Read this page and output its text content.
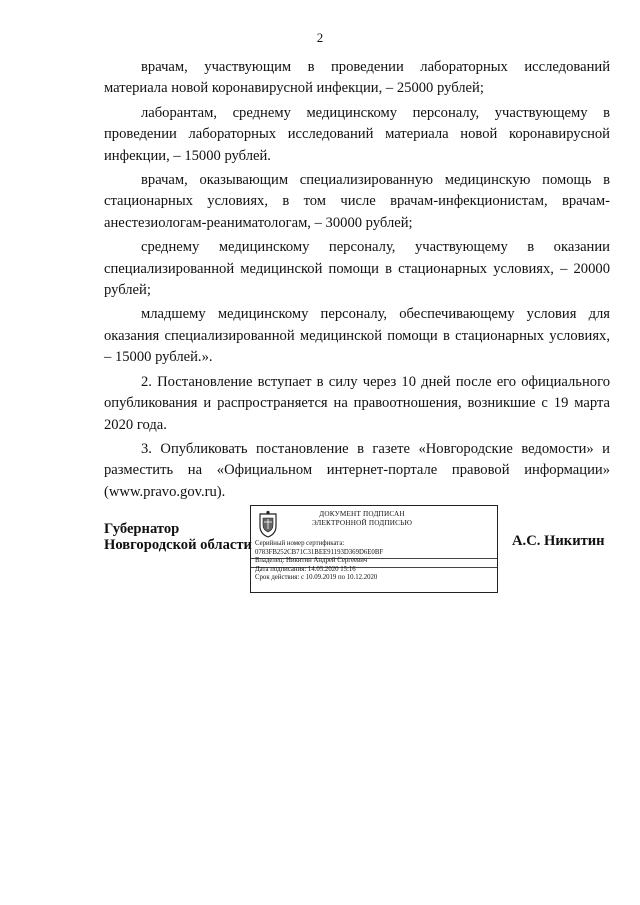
2

врачам, участвующим в проведении лабораторных исследований материала новой коронавирусной инфекции, – 25000 рублей;

лаборантам, среднему медицинскому персоналу, участвующему в проведении лабораторных исследований материала новой коронавирусной инфекции, – 15000 рублей.

врачам, оказывающим специализированную медицинскую помощь в стационарных условиях, в том числе врачам-инфекционистам, врачам-анестезиологам-реаниматологам, – 30000 рублей;

среднему медицинскому персоналу, участвующему в оказании специализированной медицинской помощи в стационарных условиях, – 20000 рублей;

младшему медицинскому персоналу, обеспечивающему условия для оказания специализированной медицинской помощи в стационарных условиях, – 15000 рублей.».

2. Постановление вступает в силу через 10 дней после его официального опубликования и распространяется на правоотношения, возникшие с 19 марта 2020 года.

3. Опубликовать постановление в газете «Новгородские ведомости» и разместить на «Официальном интернет-портале правовой информации» (www.pravo.gov.ru).

Губернатор
Новгородской области
ДОКУМЕНТ ПОДПИСАН
ЭЛЕКТРОННОЙ ПОДПИСЬЮ
Серийный номер сертификата:
0783FB252CB71C31BEE91193D369D6E0BF
Владелец: Никитин Андрей Сергеевич
Дата подписания: 14.05.2020 15:16
Срок действия: с 10.09.2019 по 10.12.2020
А.С. Никитин
